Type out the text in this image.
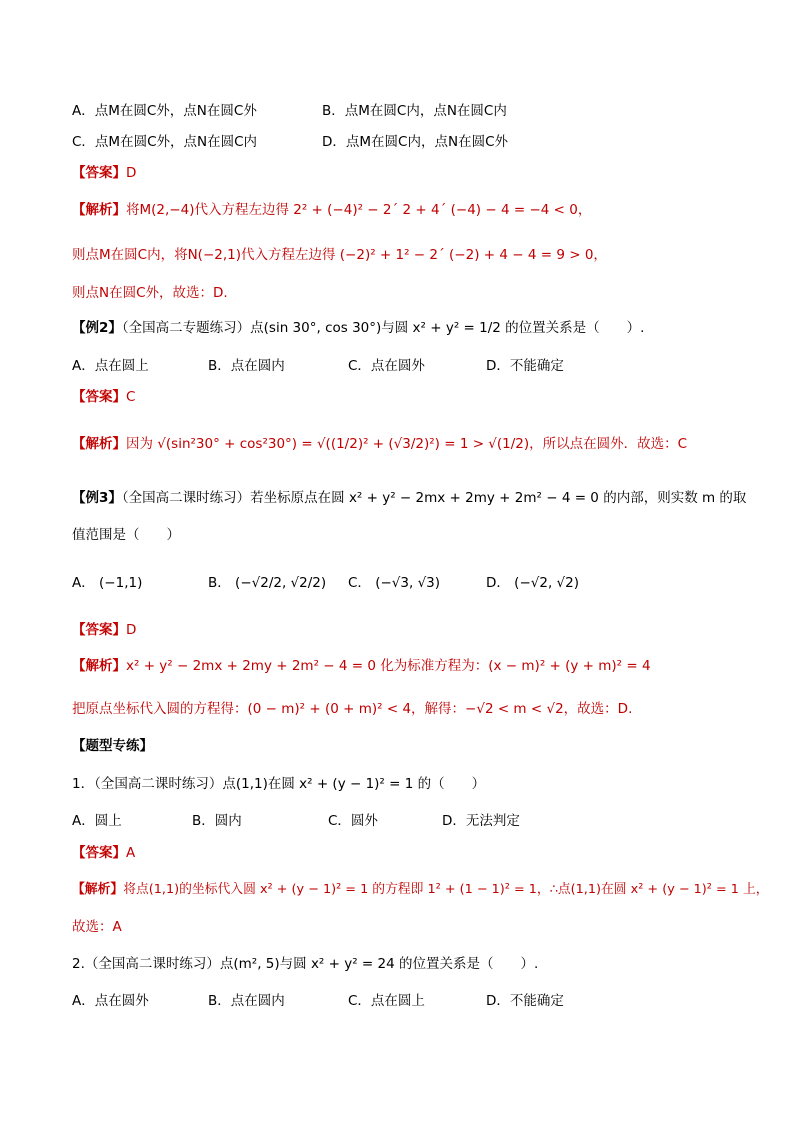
A．点M在圆C外，点N在圆C外	B．点M在圆C内，点N在圆C内
C．点M在圆C外，点N在圆C内	D．点M在圆C内，点N在圆C外
【答案】D
【解析】将M(2,−4)代入方程左边得 2² + (−4)² − 2´ 2 + 4´ (−4) − 4 = −4 < 0，
则点M在圆C内，将N(−2,1)代入方程左边得 (−2)² + 1² − 2´ (−2) + 4 − 4 = 9 > 0，
则点N在圆C外，故选：D.
【例2】（全国高二专题练习）点(sin 30°, cos 30°)与圆 x² + y² = 1/2 的位置关系是（　　）.
A．点在圆上	B．点在圆内	C．点在圆外	D．不能确定
【答案】C
【解析】因为 √(sin²30° + cos²30°) = √((1/2)² + (√3/2)²) = 1 > √(1/2)，所以点在圆外．故选：C
【例3】（全国高二课时练习）若坐标原点在圆 x² + y² − 2mx + 2my + 2m² − 4 = 0 的内部，则实数 m 的取
值范围是（　　）
A． (−1,1)	B． (−√2/2, √2/2) C． (−√3, √3)	D． (−√2, √2)
【答案】D
【解析】x² + y² − 2mx + 2my + 2m² − 4 = 0 化为标准方程为：(x − m)² + (y + m)² = 4
把原点坐标代入圆的方程得：(0 − m)² + (0 + m)² < 4，解得：−√2 < m < √2，故选：D.
【题型专练】
1．（全国高二课时练习）点(1,1)在圆 x² + (y − 1)² = 1 的（　　）
A．圆上	B．圆内	C．圆外	D．无法判定
【答案】A
【解析】将点(1,1)的坐标代入圆 x² + (y − 1)² = 1 的方程即 1² + (1 − 1)² = 1，∴点(1,1)在圆 x² + (y − 1)² = 1 上，
故选：A
2.（全国高二课时练习）点(m², 5)与圆 x² + y² = 24 的位置关系是（　　）.
A．点在圆外	B．点在圆内	C．点在圆上	D．不能确定
